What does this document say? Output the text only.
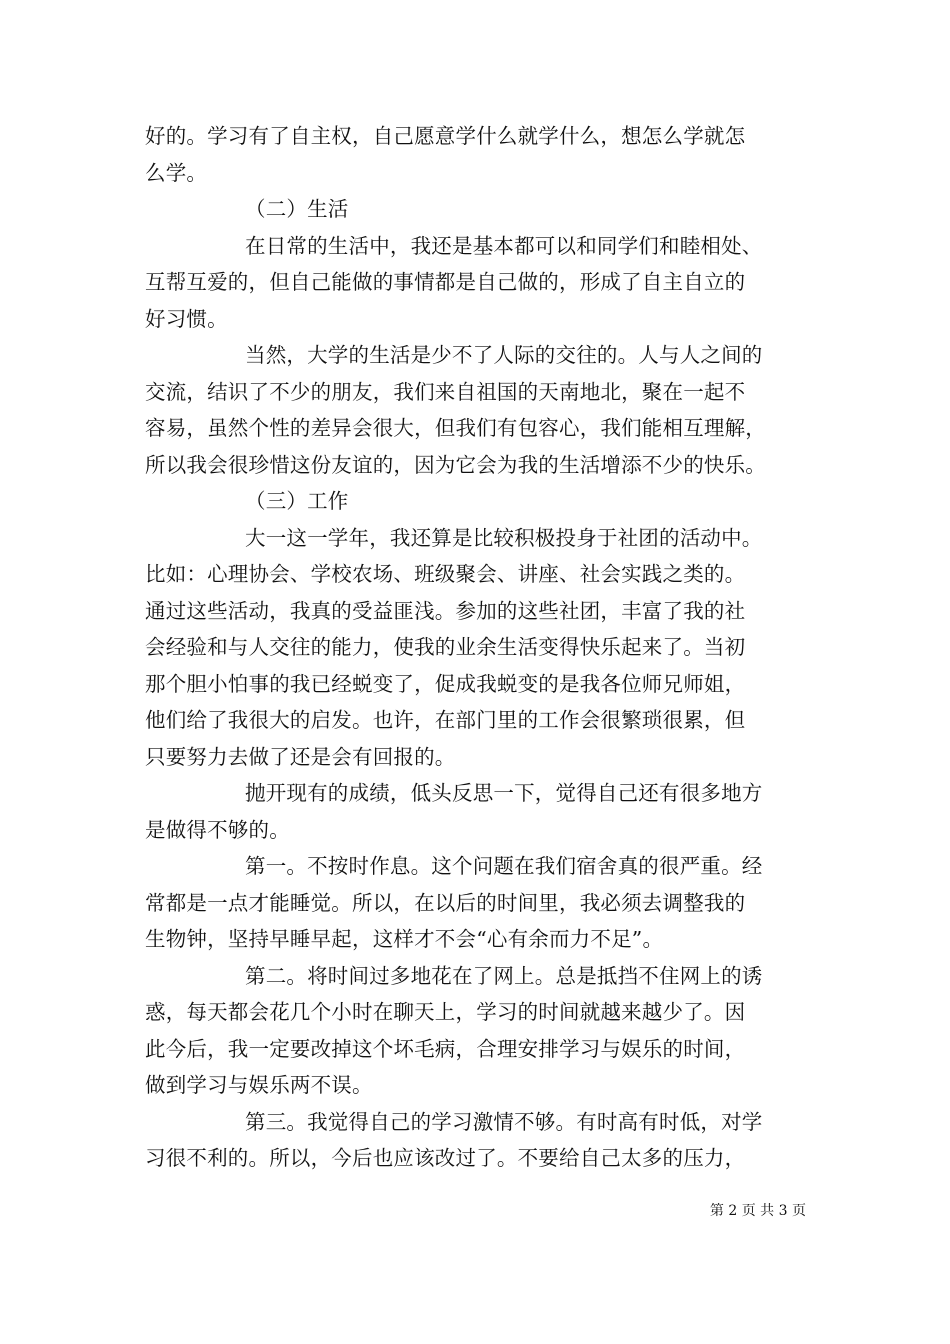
好的。学习有了自主权，自己愿意学什么就学什么，想怎么学就怎
么学。
（二）生活
在日常的生活中，我还是基本都可以和同学们和睦相处、
互帮互爱的，但自己能做的事情都是自己做的，形成了自主自立的
好习惯。
当然，大学的生活是少不了人际的交往的。人与人之间的
交流，结识了不少的朋友，我们来自祖国的天南地北，聚在一起不
容易，虽然个性的差异会很大，但我们有包容心，我们能相互理解，
所以我会很珍惜这份友谊的，因为它会为我的生活增添不少的快乐。
（三）工作
大一这一学年，我还算是比较积极投身于社团的活动中。
比如：心理协会、学校农场、班级聚会、讲座、社会实践之类的。
通过这些活动，我真的受益匪浅。参加的这些社团，丰富了我的社
会经验和与人交往的能力，使我的业余生活变得快乐起来了。当初
那个胆小怕事的我已经蜕变了，促成我蜕变的是我各位师兄师姐，
他们给了我很大的启发。也许，在部门里的工作会很繁琐很累，但
只要努力去做了还是会有回报的。
抛开现有的成绩，低头反思一下，觉得自己还有很多地方
是做得不够的。
第一。不按时作息。这个问题在我们宿舍真的很严重。经
常都是一点才能睡觉。所以，在以后的时间里，我必须去调整我的
生物钟，坚持早睡早起，这样才不会“心有余而力不足”。
第二。将时间过多地花在了网上。总是抵挡不住网上的诱
惑，每天都会花几个小时在聊天上，学习的时间就越来越少了。因
此今后，我一定要改掉这个坏毛病，合理安排学习与娱乐的时间，
做到学习与娱乐两不误。
第三。我觉得自己的学习激情不够。有时高有时低，对学
习很不利的。所以，今后也应该改过了。不要给自己太多的压力，
第 2 页 共 3 页
